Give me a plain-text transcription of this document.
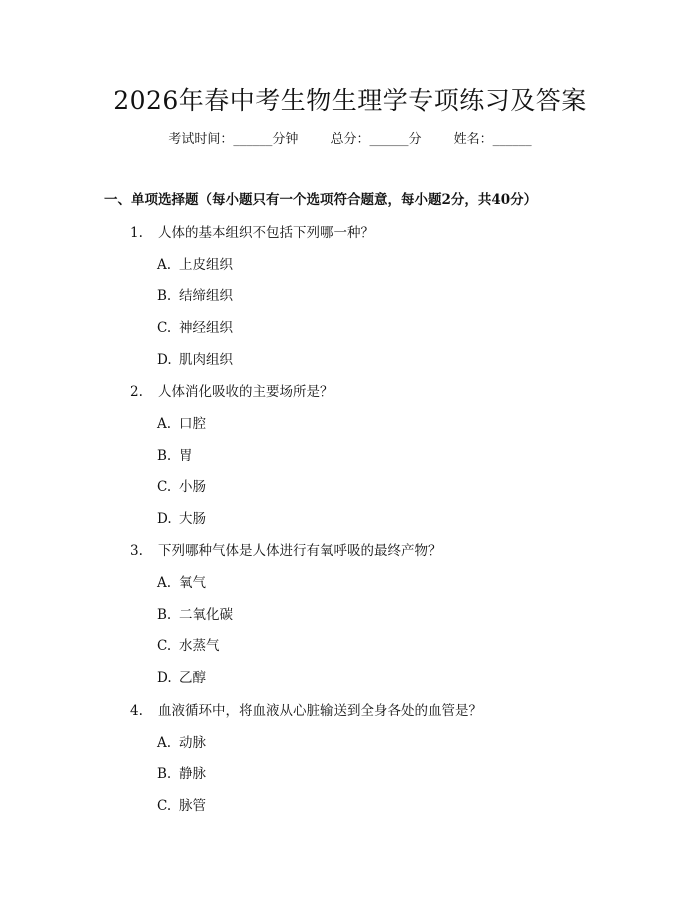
2026年春中考生物生理学专项练习及答案
考试时间：______分钟 总分：______分 姓名：______
一、单项选择题（每小题只有一个选项符合题意，每小题2分，共40分）
1. 人体的基本组织不包括下列哪一种？
A. 上皮组织
B. 结缔组织
C. 神经组织
D. 肌肉组织
2. 人体消化吸收的主要场所是？
A. 口腔
B. 胃
C. 小肠
D. 大肠
3. 下列哪种气体是人体进行有氧呼吸的最终产物？
A. 氧气
B. 二氧化碳
C. 水蒸气
D. 乙醇
4. 血液循环中，将血液从心脏输送到全身各处的血管是？
A. 动脉
B. 静脉
C. 脉管
